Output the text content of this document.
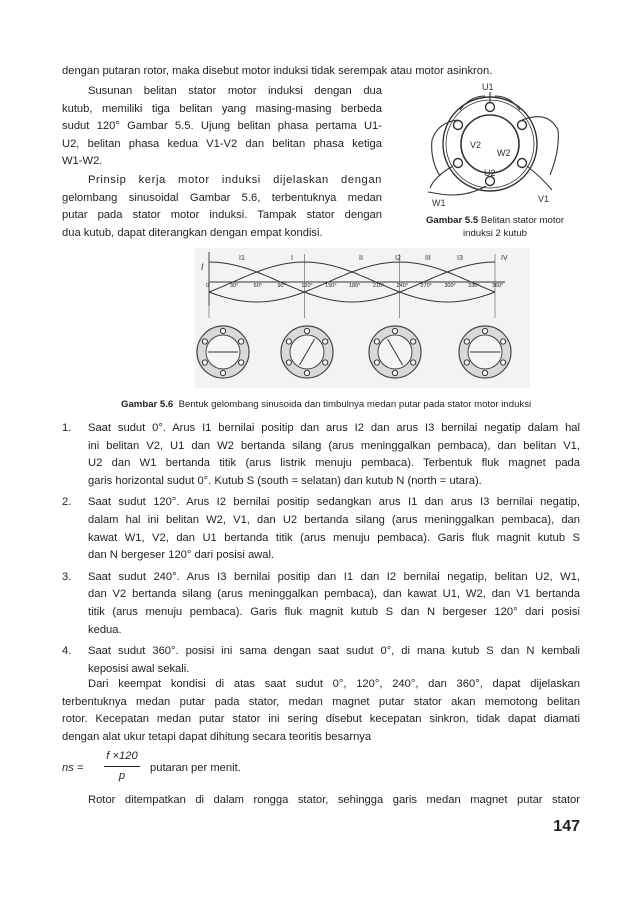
dengan putaran rotor, maka disebut motor induksi tidak serempak atau motor asinkron.
Susunan belitan stator motor induksi dengan dua
kutub, memiliki tiga belitan yang masing-masing berbeda
sudut 120° Gambar 5.5. Ujung belitan phasa pertama U1-
U2, belitan phasa kedua V1-V2 dan belitan phasa ketiga
W1-W2.
Prinsip kerja motor induksi dijelaskan dengan
gelombang sinusoidal Gambar 5.6, terbentuknya medan
putar pada stator motor induksi. Tampak stator dengan
dua kutub, dapat diterangkan dengan empat kondisi.
U1
V2
W2
U2
W1	V1
Gambar 5.5 Belitan stator motor
induksi 2 kutub
0	30°	60°	90°	120° 150° 180° 210° 240° 270° 300° 330° 360°
I
I1	I2	I3
I	II	III	IV
Gambar 5.6 Bentuk gelombang sinusoida dan timbulnya medan putar pada stator motor induksi
1. Saat sudut 0°. Arus I1 bernilai positip dan arus I2 dan arus I3 bernilai negatip dalam hal
ini belitan V2, U1 dan W2 bertanda silang (arus meninggalkan pembaca), dan belitan V1,
U2 dan W1 bertanda titik (arus listrik menuju pembaca). Terbentuk fluk magnet pada
garis horizontal sudut 0°. Kutub S (south = selatan) dan kutub N (north = utara).
2. Saat sudut 120°. Arus I2 bernilai positip sedangkan arus I1 dan arus I3 bernilai negatip,
dalam hal ini belitan W2, V1, dan U2 bertanda silang (arus meninggalkan pembaca), dan
kawat W1, V2, dan U1 bertanda titik (arus menuju pembaca). Garis fluk magnit kutub S
dan N bergeser 120° dari posisi awal.
3. Saat sudut 240°. Arus I3 bernilai positip dan I1 dan I2 bernilai negatip, belitan U2, W1,
dan V2 bertanda silang (arus meninggalkan pembaca), dan kawat U1, W2, dan V1 bertanda
titik (arus menuju pembaca). Garis fluk magnit kutub S dan N bergeser 120° dari posisi
kedua.
4. Saat sudut 360°. posisi ini sama dengan saat sudut 0°, di mana kutub S dan N kembali
keposisi awal sekali.
Dari keempat kondisi di atas saat sudut 0°, 120°, 240°, dan 360°, dapat dijelaskan
terbentuknya medan putar pada stator, medan magnet putar stator akan memotong belitan
rotor. Kecepatan medan putar stator ini sering disebut kecepatan sinkron, tidak dapat diamati
dengan alat ukur tetapi dapat dihitung secara teoritis besarnya
ns =
f ×120
p
putaran per menit.
Rotor ditempatkan di dalam rongga stator, sehingga garis medan magnet putar stator
147
